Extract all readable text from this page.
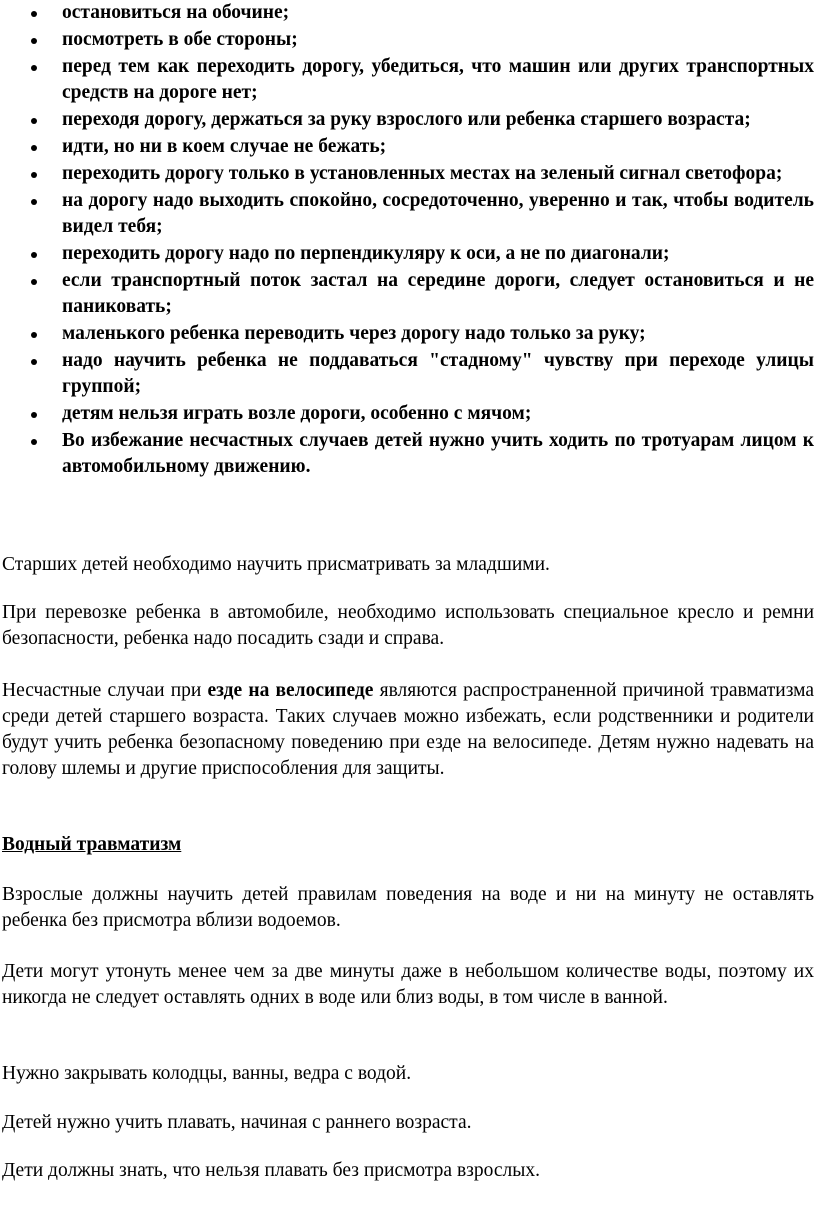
остановиться на обочине;
посмотреть в обе стороны;
перед тем как переходить дорогу, убедиться, что машин или других транспортных средств на дороге нет;
переходя дорогу, держаться за руку взрослого или ребенка старшего возраста;
идти, но ни в коем случае не бежать;
переходить дорогу только в установленных местах на зеленый сигнал светофора;
на дорогу надо выходить спокойно, сосредоточенно, уверенно и так, чтобы водитель видел тебя;
переходить дорогу надо по перпендикуляру к оси, а не по диагонали;
если транспортный поток застал на середине дороги, следует остановиться и не паниковать;
маленького ребенка переводить через дорогу надо только за руку;
надо научить ребенка не поддаваться "стадному" чувству при переходе улицы группой;
детям нельзя играть возле дороги, особенно с мячом;
Во избежание несчастных случаев детей нужно учить ходить по тротуарам лицом к автомобильному движению.

Старших детей необходимо научить присматривать за младшими.

При перевозке ребенка в автомобиле, необходимо использовать специальное кресло и ремни безопасности, ребенка надо посадить сзади и справа.

Несчастные случаи при езде на велосипеде являются распространенной причиной травматизма среди детей старшего возраста. Таких случаев можно избежать, если родственники и родители будут учить ребенка безопасному поведению при езде на велосипеде. Детям нужно надевать на голову шлемы и другие приспособления для защиты.

Водный травматизм

Взрослые должны научить детей правилам поведения на воде и ни на минуту не оставлять ребенка без присмотра вблизи водоемов.

Дети могут утонуть менее чем за две минуты даже в небольшом количестве воды, поэтому их никогда не следует оставлять одних в воде или близ воды, в том числе в ванной.

Нужно закрывать колодцы, ванны, ведра с водой.

Детей нужно учить плавать, начиная с раннего возраста.

Дети должны знать, что нельзя плавать без присмотра взрослых.
